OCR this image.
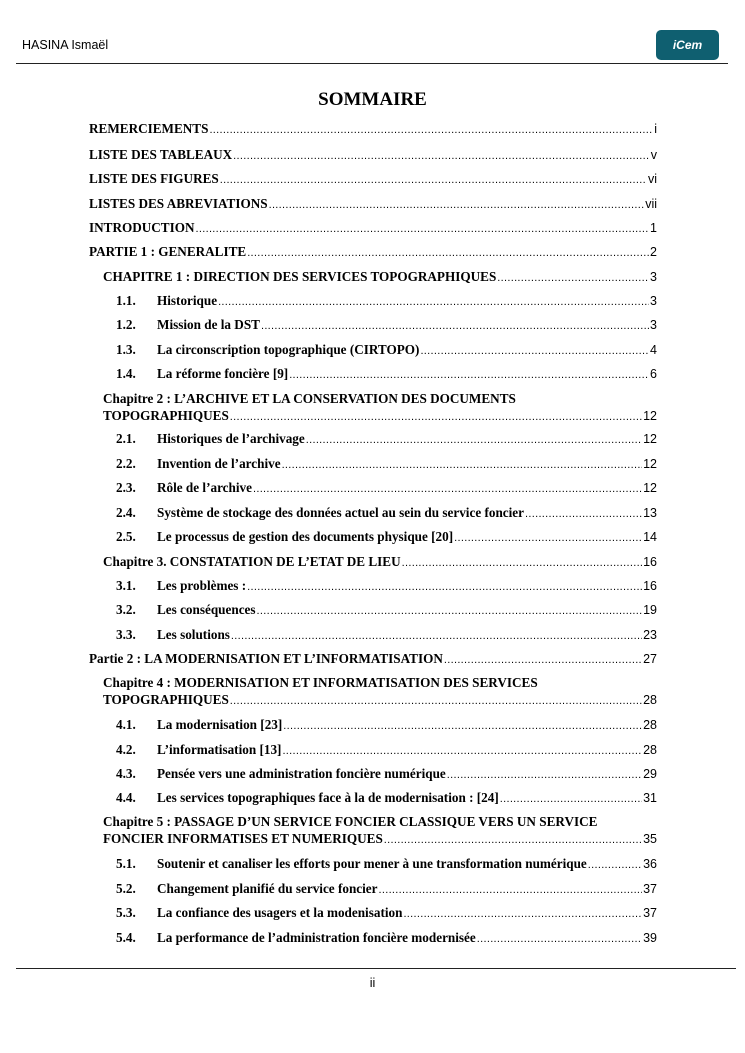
HASINA Ismaël	iCem
SOMMAIRE
REMERCIEMENTS .....	i
LISTE DES TABLEAUX .....	v
LISTE DES FIGURES .....	vi
LISTES DES ABREVIATIONS .....	vii
INTRODUCTION .....	1
PARTIE 1 : GENERALITE .....	2
CHAPITRE 1 : DIRECTION DES SERVICES TOPOGRAPHIQUES .....	3
1.1.	Historique .....	3
1.2.	Mission de la DST .....	3
1.3.	La circonscription topographique (CIRTOPO) .....	4
1.4.	La réforme foncière [9] .....	6
Chapitre 2 : L’ARCHIVE ET LA CONSERVATION DES DOCUMENTS
TOPOGRAPHIQUES .....	12
2.1.	Historiques de l’archivage .....	12
2.2.	Invention de l’archive .....	12
2.3.	Rôle de l’archive .....	12
2.4.	Système de stockage des données actuel au sein du service foncier .....	13
2.5.	Le processus de gestion des documents physique [20] .....	14
Chapitre 3. CONSTATATION DE L’ETAT DE LIEU .....	16
3.1.	Les problèmes : .....	16
3.2.	Les conséquences .....	19
3.3.	Les solutions .....	23
Partie 2 : LA MODERNISATION ET L’INFORMATISATION .....	27
Chapitre 4 : MODERNISATION ET INFORMATISATION DES SERVICES
TOPOGRAPHIQUES .....	28
4.1.	La modernisation [23] .....	28
4.2.	L’informatisation [13] .....	28
4.3.	Pensée vers une administration foncière numérique .....	29
4.4.	Les services topographiques face à la de modernisation : [24] .....	31
Chapitre 5 : PASSAGE D’UN SERVICE FONCIER CLASSIQUE VERS UN SERVICE
FONCIER INFORMATISES ET NUMERIQUES .....	35
5.1.	Soutenir et canaliser les efforts pour mener à une transformation numérique .....	36
5.2.	Changement planifié du service foncier .....	37
5.3.	La confiance des usagers et la modenisation .....	37
5.4.	La performance de l’administration foncière modernisée .....	39
ii
